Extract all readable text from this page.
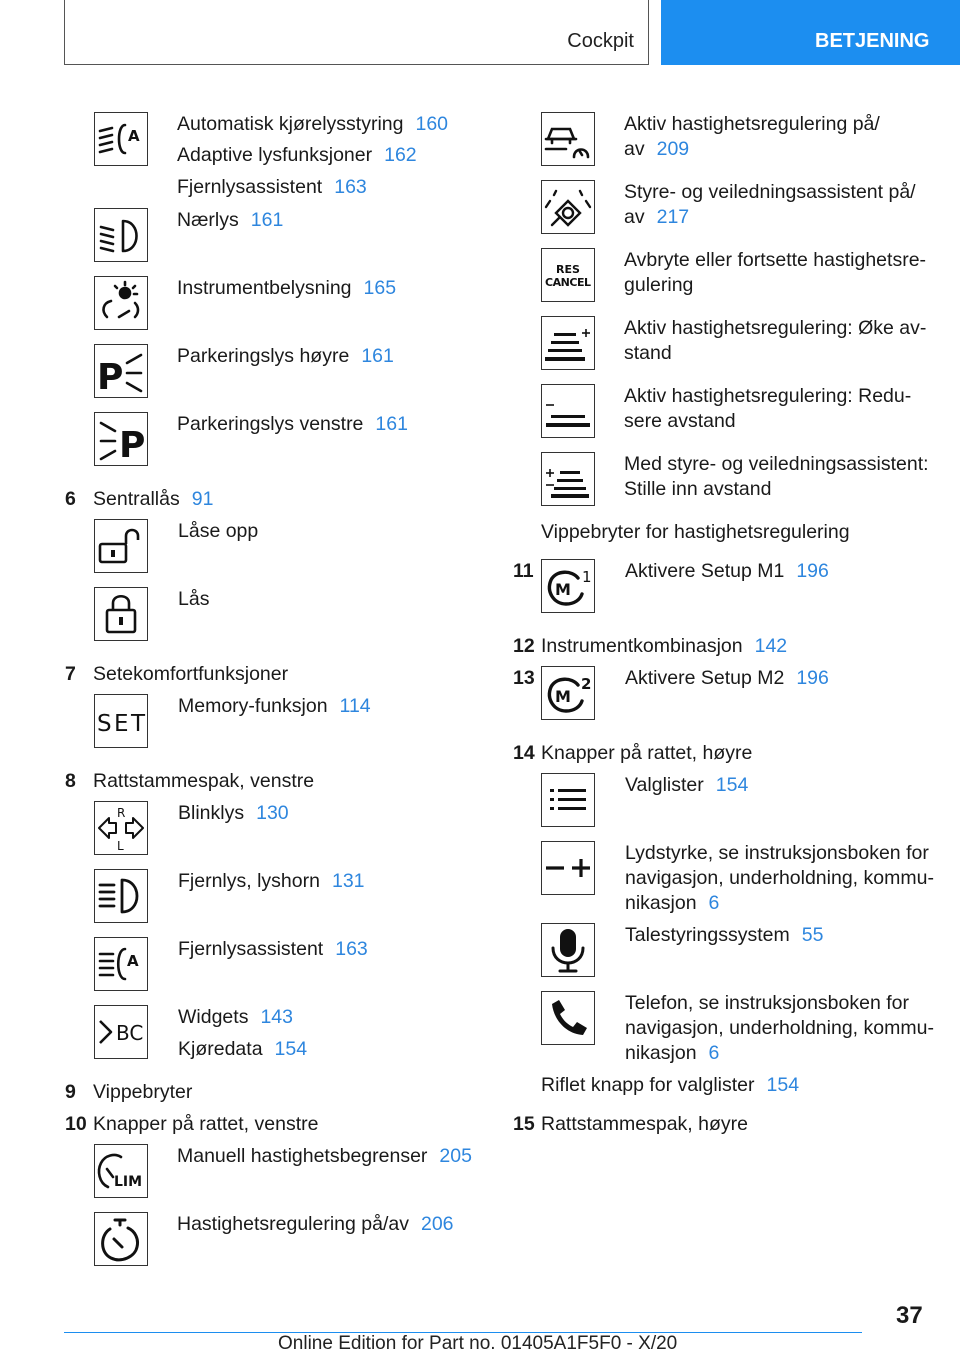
Cockpit	BETJENING
A
Automatisk kjørelysstyring 160
Adaptive lysfunksjoner 162
Fjernlysassistent 163
Nærlys 161
Instrumentbelysning 165
P
Parkeringslys høyre 161
P
Parkeringslys venstre 161
6 Sentrallås 91
Låse opp
Lås
7 Setekomfortfunksjoner
SET
Memory-funksjon 114
8 Rattstammespak, venstre
R
L
Blinklys 130
Fjernlys, lyshorn 131
A
Fjernlysassistent 163
BC
Widgets 143
Kjøredata 154
9 Vippebryter
10 Knapper på rattet, venstre
LIM
Manuell hastighetsbegrenser 205
Hastighetsregulering på/av 206
Aktiv hastighetsregulering på/
av 209
Styre- og veiledningsassistent på/
av 217
RES
CANCEL
Avbryte eller fortsette hastighetsre-
gulering
Aktiv hastighetsregulering: Øke av-
stand
Aktiv hastighetsregulering: Redu-
sere avstand
Med styre- og veiledningsassistent:
Stille inn avstand
Vippebryter for hastighetsregulering
11
M
1 Aktivere Setup M1 196
12 Instrumentkombinasjon 142
13
M
2 Aktivere Setup M2 196
14 Knapper på rattet, høyre
Valglister 154
Lydstyrke, se instruksjonsboken for
navigasjon, underholdning, kommu-
nikasjon 6
Talestyringssystem 55
Telefon, se instruksjonsboken for
navigasjon, underholdning, kommu-
nikasjon 6
Riflet knapp for valglister 154
15 Rattstammespak, høyre
37
Online Edition for Part no. 01405A1F5F0 - X/20
